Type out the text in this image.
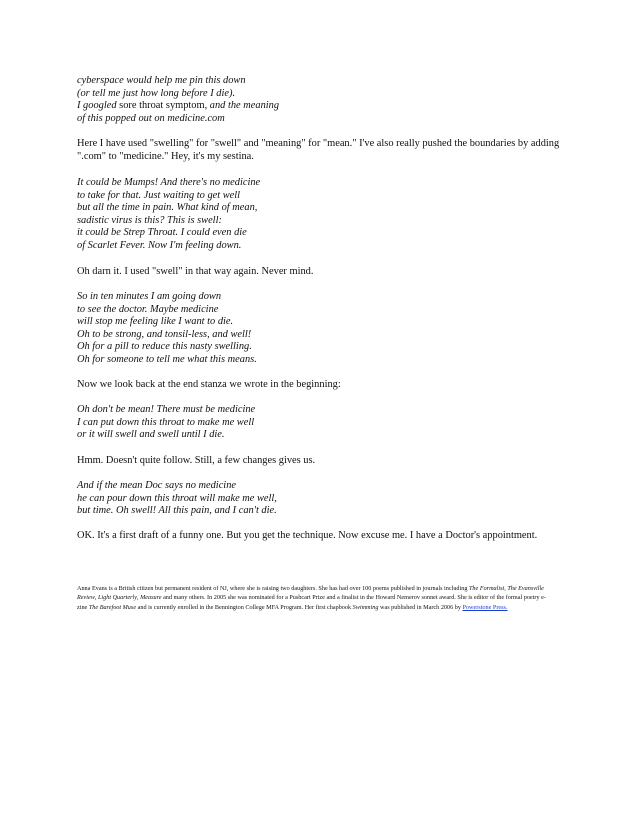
cyberspace would help me pin this down
(or tell me just how long before I die).
I googled sore throat symptom, and the meaning
of this popped out on medicine.com
Here I have used "swelling" for "swell" and "meaning" for "mean." I've also really pushed the boundaries by adding ".com" to "medicine." Hey, it's my sestina.
It could be Mumps! And there's no medicine
to take for that. Just waiting to get well
but all the time in pain. What kind of mean,
sadistic virus is this? This is swell:
it could be Strep Throat. I could even die
of Scarlet Fever. Now I'm feeling down.
Oh darn it. I used "swell" in that way again. Never mind.
So in ten minutes I am going down
to see the doctor. Maybe medicine
will stop me feeling like I want to die.
Oh to be strong, and tonsil-less, and well!
Oh for a pill to reduce this nasty swelling.
Oh for someone to tell me what this means.
Now we look back at the end stanza we wrote in the beginning:
Oh don't be mean! There must be medicine
I can put down this throat to make me well
or it will swell and swell until I die.
Hmm. Doesn't quite follow. Still, a few changes gives us.
And if the mean Doc says no medicine
he can pour down this throat will make me well,
but time. Oh swell! All this pain, and I can't die.
OK. It's a first draft of a funny one. But you get the technique. Now excuse me. I have a Doctor's appointment.
Anna Evans is a British citizen but permanent resident of NJ, where she is raising two daughters. She has had over 100 poems published in journals including The Formalist, The Evansville Review, Light Quarterly, Measure and many others. In 2005 she was nominated for a Pushcart Prize and a finalist in the Howard Nemerov sonnet award. She is editor of the formal poetry e-zine The Barefoot Muse and is currently enrolled in the Bennington College MFA Program. Her first chapbook Swimming was published in March 2006 by Powerstone Press.
